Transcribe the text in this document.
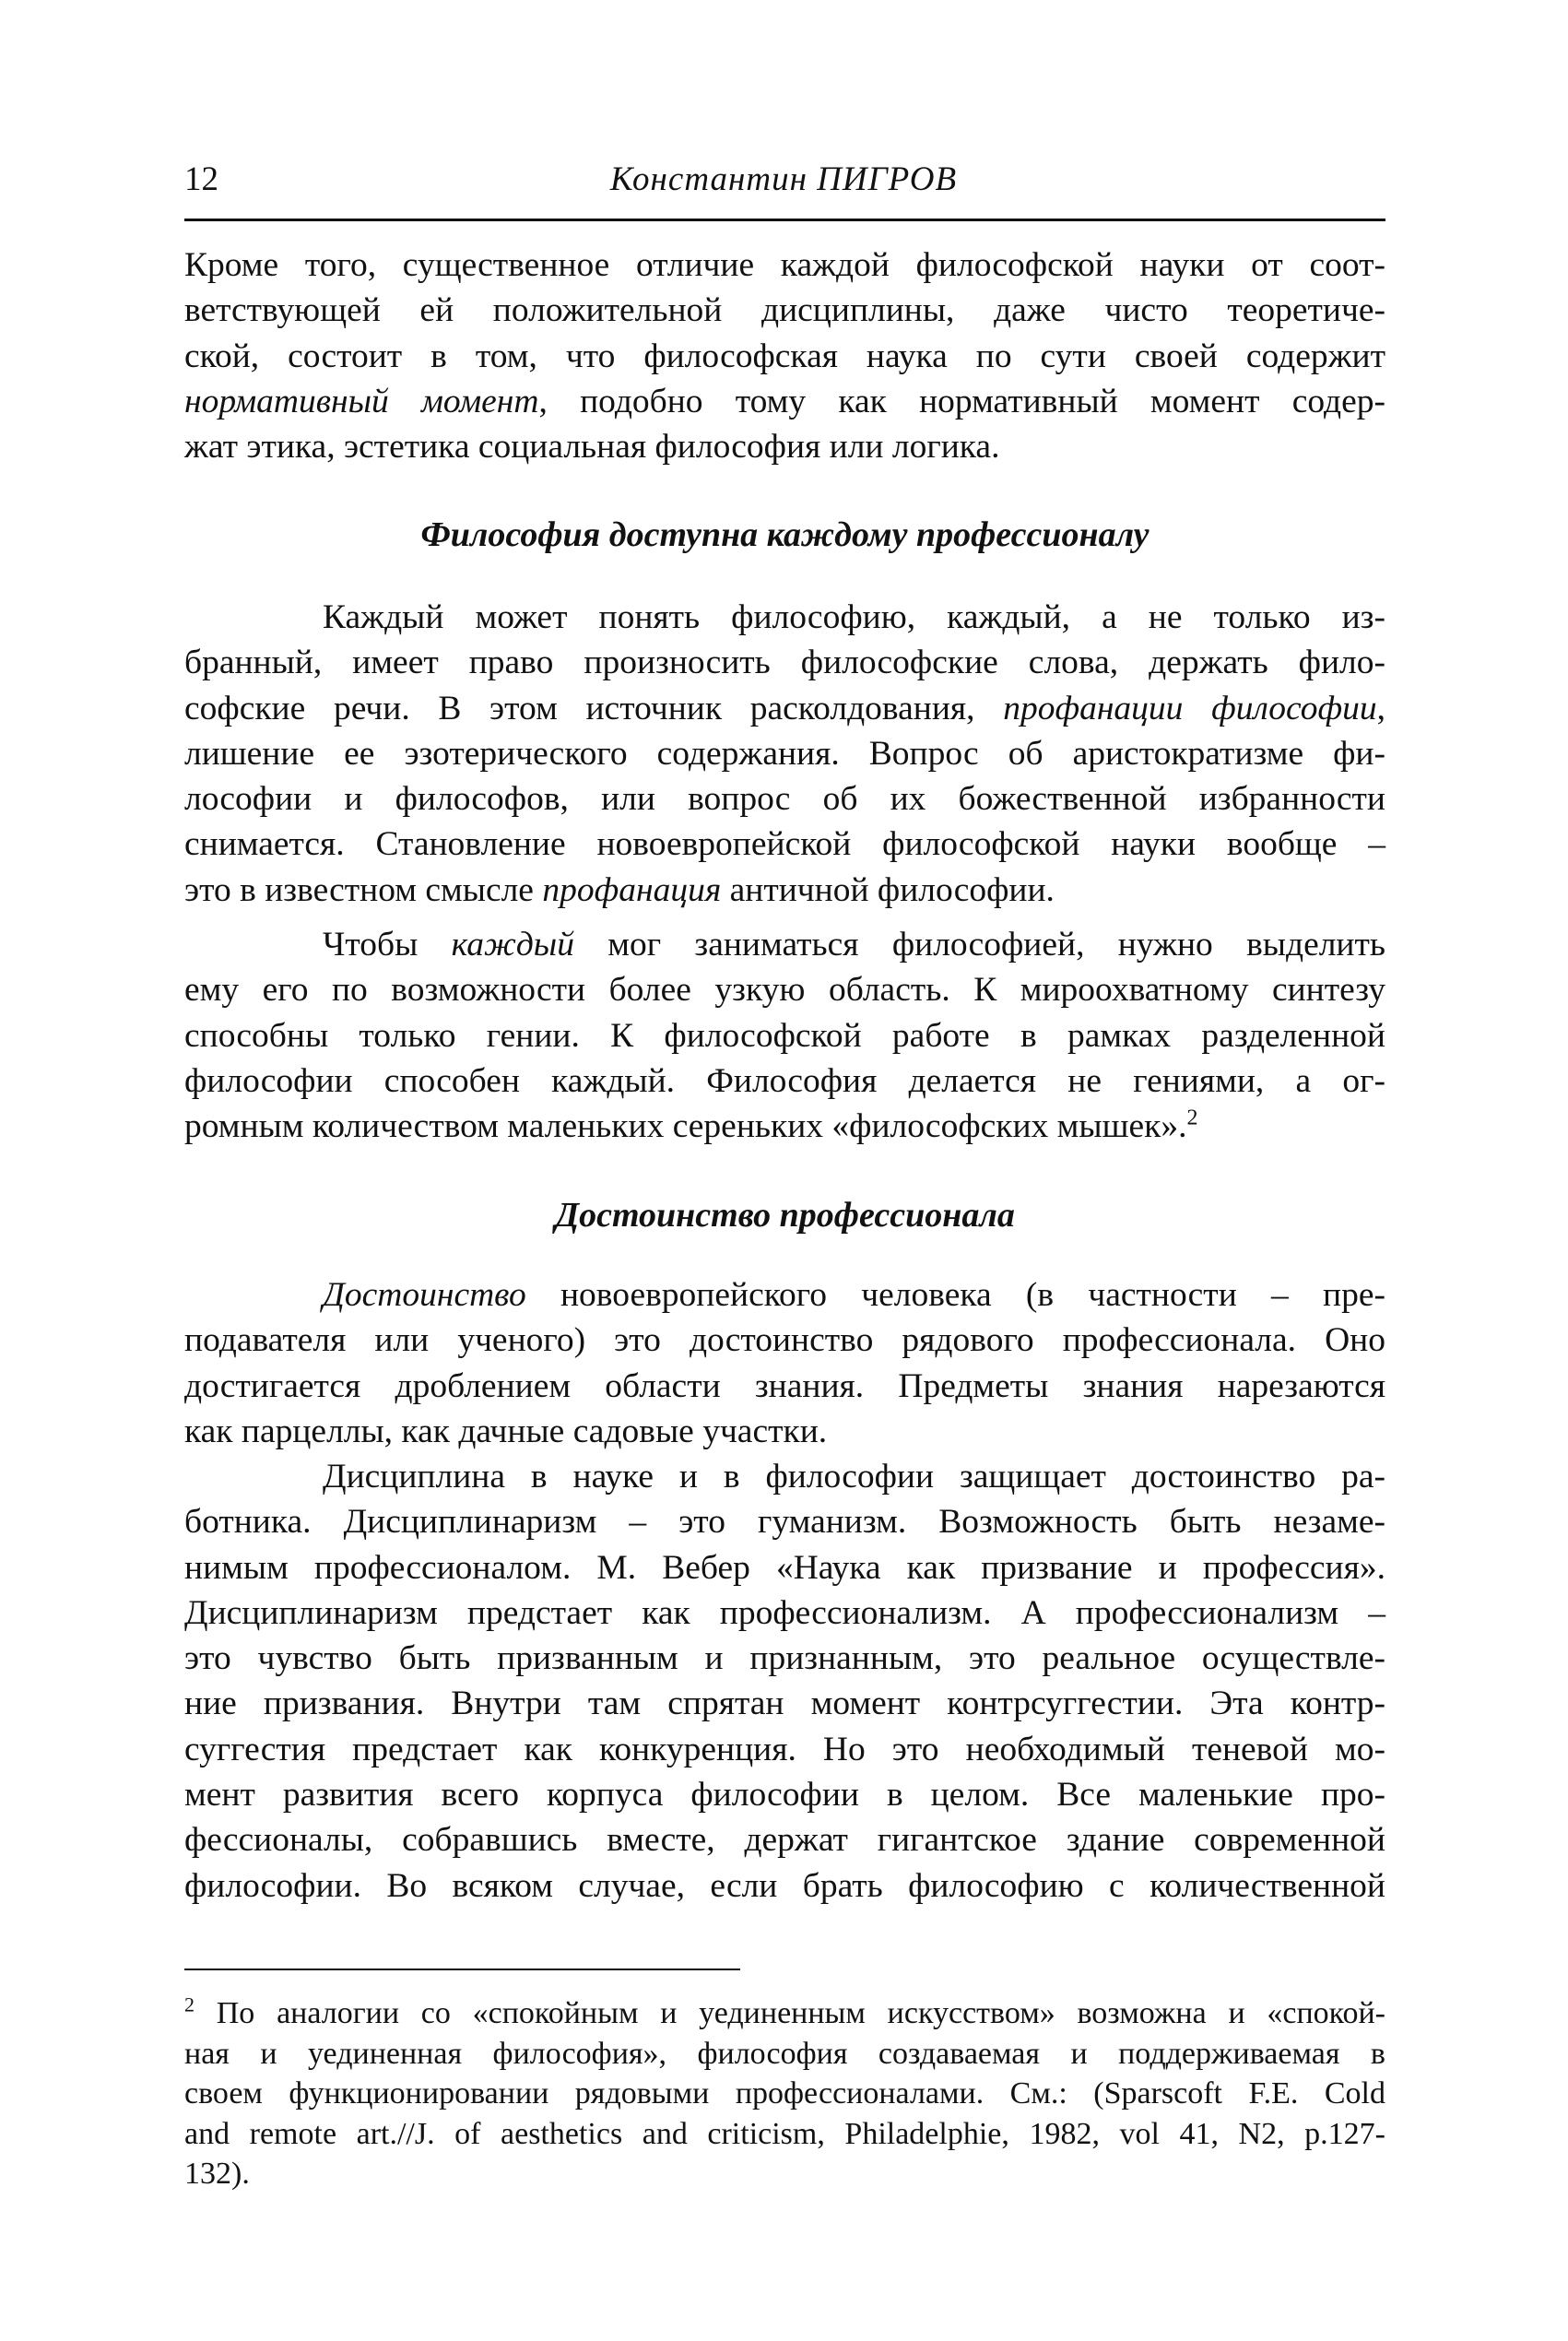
12	Константин ПИГРОВ
Кроме того, существенное отличие каждой философской науки от соот-
ветствующей ей положительной дисциплины, даже чисто теоретиче-
ской, состоит в том, что философская наука по сути своей содержит
нормативный момент, подобно тому как нормативный момент содер-
жат этика, эстетика социальная философия или логика.
Философия доступна каждому профессионалу
Каждый может понять философию, каждый, а не только из-
бранный, имеет право произносить философские слова, держать фило-
софские речи. В этом источник расколдования, профанации философии,
лишение ее эзотерического содержания. Вопрос об аристократизме фи-
лософии и философов, или вопрос об их божественной избранности
снимается. Становление новоевропейской философской науки вообще –
это в известном смысле профанация античной философии.
Чтобы каждый мог заниматься философией, нужно выделить
ему его по возможности более узкую область. К мироохватному синтезу
способны только гении. К философской работе в рамках разделенной
философии способен каждый. Философия делается не гениями, а ог-
ромным количеством маленьких сереньких «философских мышек».$^2$
Достоинство профессионала
Достоинство новоевропейского человека (в частности – пре-
подавателя или ученого) это достоинство рядового профессионала. Оно
достигается дроблением области знания. Предметы знания нарезаются
как парцеллы, как дачные садовые участки.
Дисциплина в науке и в философии защищает достоинство ра-
ботника. Дисциплинаризм – это гуманизм. Возможность быть незаме-
нимым профессионалом. М. Вебер «Наука как призвание и профессия».
Дисциплинаризм предстает как профессионализм. А профессионализм –
это чувство быть призванным и признанным, это реальное осуществле-
ние призвания. Внутри там спрятан момент контрсуггестии. Эта контр-
суггестия предстает как конкуренция. Но это необходимый теневой мо-
мент развития всего корпуса философии в целом. Все маленькие про-
фессионалы, собравшись вместе, держат гигантское здание современной
философии. Во всяком случае, если брать философию с количественной
$^2$ По аналогии со «спокойным и уединенным искусством» возможна и «спокой-
ная и уединенная философия», философия создаваемая и поддерживаемая в
своем функционировании рядовыми профессионалами. См.: (Sparscoft F.E. Cold
and remote art.//J. of aesthetics and criticism, Philadelphie, 1982, vol 41, N2, p.127-
132).
